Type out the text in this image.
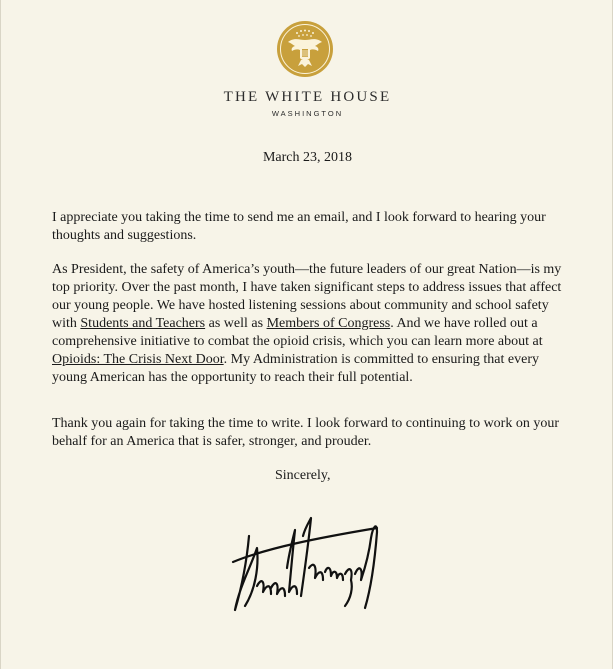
THE WHITE HOUSE
WASHINGTON
March 23, 2018

I appreciate you taking the time to send me an email, and I look forward to hearing your thoughts and suggestions.

As President, the safety of America’s youth—the future leaders of our great Nation—is my top priority. Over the past month, I have taken significant steps to address issues that affect our young people. We have hosted listening sessions about community and school safety with Students and Teachers as well as Members of Congress. And we have rolled out a comprehensive initiative to combat the opioid crisis, which you can learn more about at Opioids: The Crisis Next Door. My Administration is committed to ensuring that every young American has the opportunity to reach their full potential.

Thank you again for taking the time to write. I look forward to continuing to work on your behalf for an America that is safer, stronger, and prouder.

Sincerely,
